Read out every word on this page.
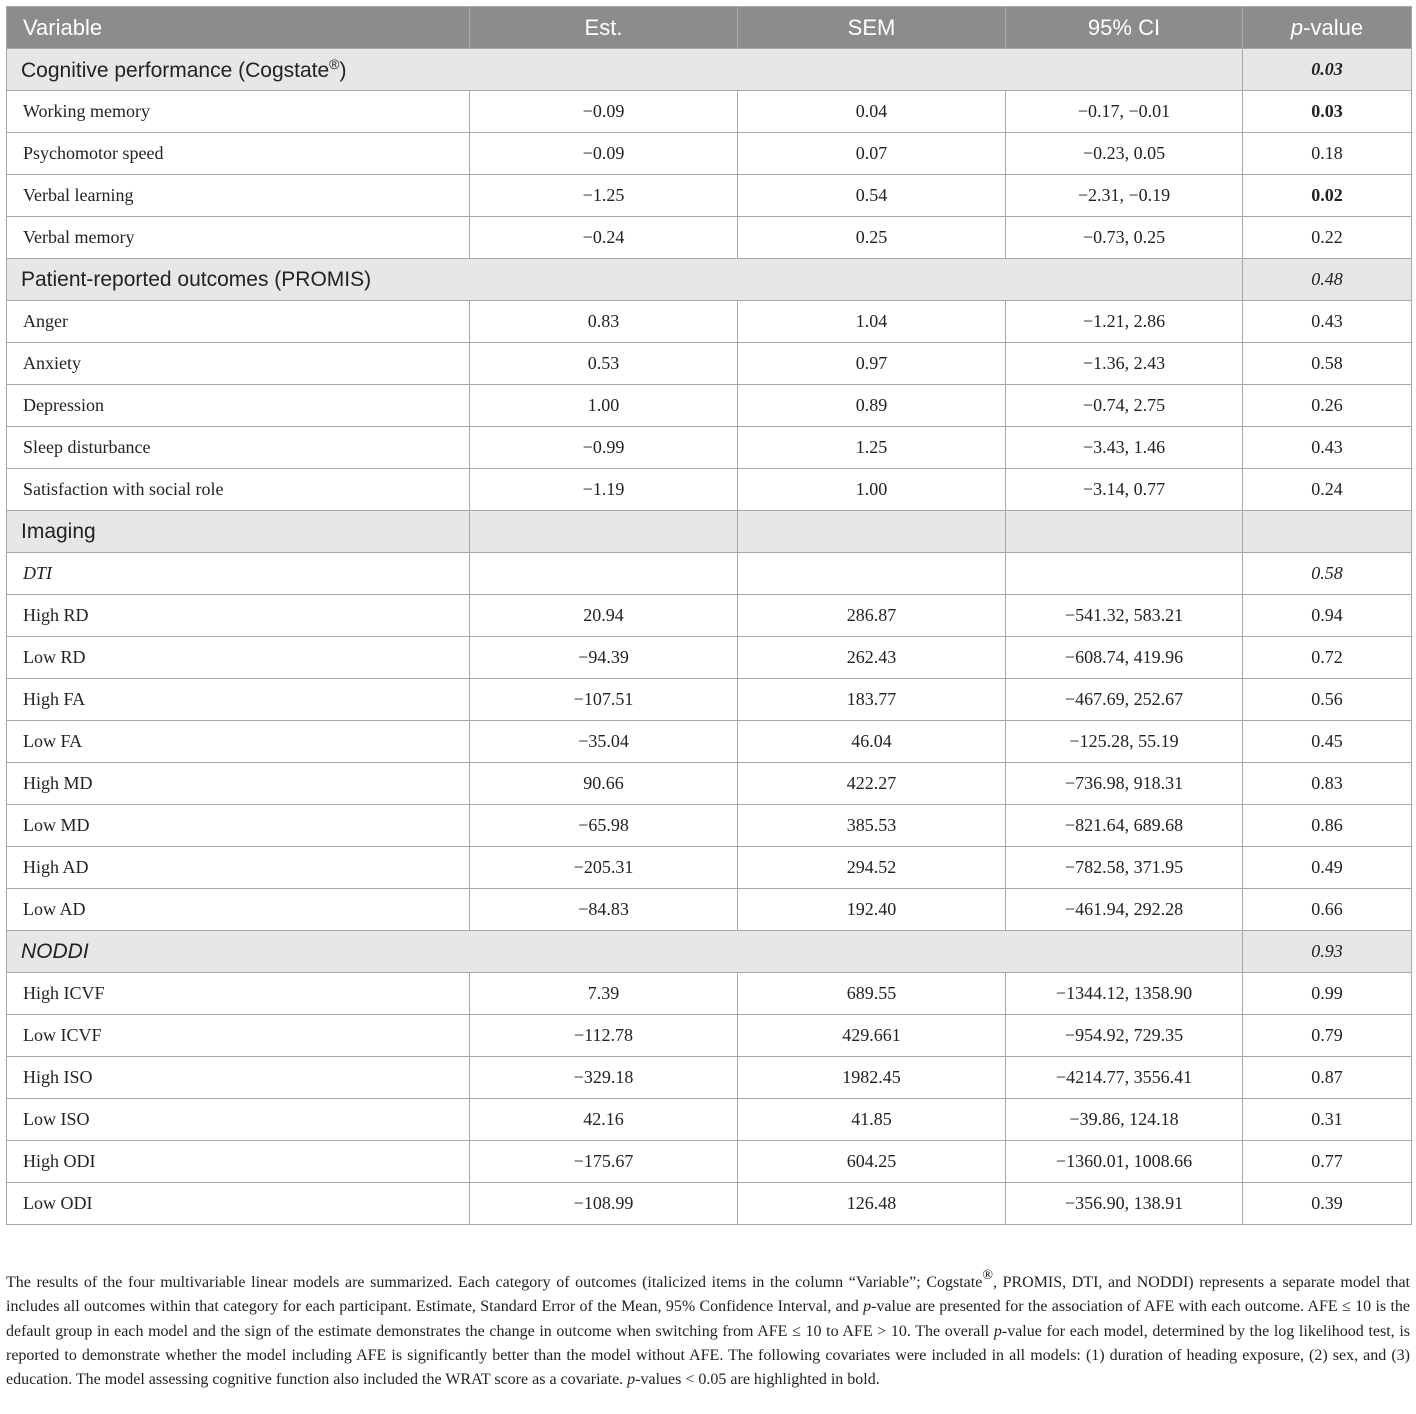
Variable	Est.	SEM	95% CI	p-value
Cognitive performance (Cogstate®)				0.03
Working memory	−0.09	0.04	−0.17, −0.01	0.03
Psychomotor speed	−0.09	0.07	−0.23, 0.05	0.18
Verbal learning	−1.25	0.54	−2.31, −0.19	0.02
Verbal memory	−0.24	0.25	−0.73, 0.25	0.22
Patient-reported outcomes (PROMIS)				0.48
Anger	0.83	1.04	−1.21, 2.86	0.43
Anxiety	0.53	0.97	−1.36, 2.43	0.58
Depression	1.00	0.89	−0.74, 2.75	0.26
Sleep disturbance	−0.99	1.25	−3.43, 1.46	0.43
Satisfaction with social role	−1.19	1.00	−3.14, 0.77	0.24
Imaging				
DTI				0.58
High RD	20.94	286.87	−541.32, 583.21	0.94
Low RD	−94.39	262.43	−608.74, 419.96	0.72
High FA	−107.51	183.77	−467.69, 252.67	0.56
Low FA	−35.04	46.04	−125.28, 55.19	0.45
High MD	90.66	422.27	−736.98, 918.31	0.83
Low MD	−65.98	385.53	−821.64, 689.68	0.86
High AD	−205.31	294.52	−782.58, 371.95	0.49
Low AD	−84.83	192.40	−461.94, 292.28	0.66
NODDI				0.93
High ICVF	7.39	689.55	−1344.12, 1358.90	0.99
Low ICVF	−112.78	429.661	−954.92, 729.35	0.79
High ISO	−329.18	1982.45	−4214.77, 3556.41	0.87
Low ISO	42.16	41.85	−39.86, 124.18	0.31
High ODI	−175.67	604.25	−1360.01, 1008.66	0.77
Low ODI	−108.99	126.48	−356.90, 138.91	0.39
The results of the four multivariable linear models are summarized. Each category of outcomes (italicized items in the column “Variable”; Cogstate®, PROMIS, DTI, and NODDI) represents a separate model that includes all outcomes within that category for each participant. Estimate, Standard Error of the Mean, 95% Confidence Interval, and p-value are presented for the association of AFE with each outcome. AFE ≤ 10 is the default group in each model and the sign of the estimate demonstrates the change in outcome when switching from AFE ≤ 10 to AFE > 10. The overall p-value for each model, determined by the log likelihood test, is reported to demonstrate whether the model including AFE is significantly better than the model without AFE. The following covariates were included in all models: (1) duration of heading exposure, (2) sex, and (3) education. The model assessing cognitive function also included the WRAT score as a covariate. p-values < 0.05 are highlighted in bold.
